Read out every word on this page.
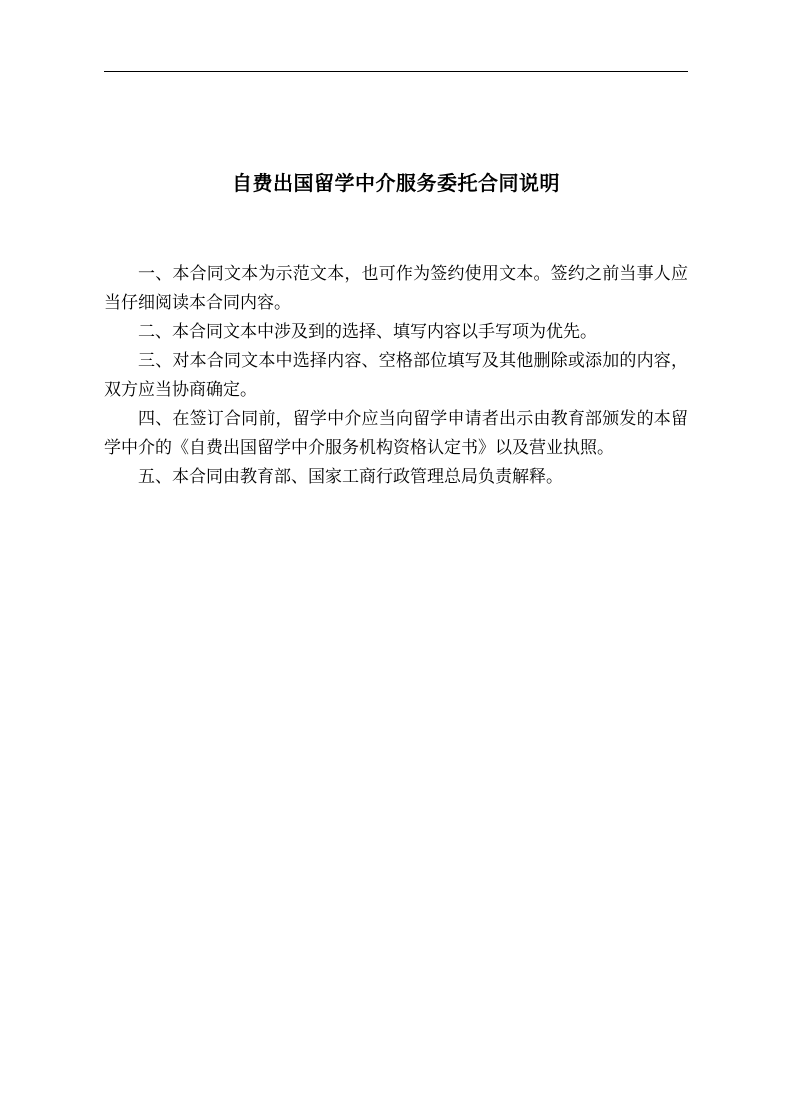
自费出国留学中介服务委托合同说明

一、本合同文本为示范文本，也可作为签约使用文本。签约之前当事人应当仔细阅读本合同内容。

二、本合同文本中涉及到的选择、填写内容以手写项为优先。

三、对本合同文本中选择内容、空格部位填写及其他删除或添加的内容，双方应当协商确定。

四、在签订合同前，留学中介应当向留学申请者出示由教育部颁发的本留学中介的《自费出国留学中介服务机构资格认定书》以及营业执照。

五、本合同由教育部、国家工商行政管理总局负责解释。
